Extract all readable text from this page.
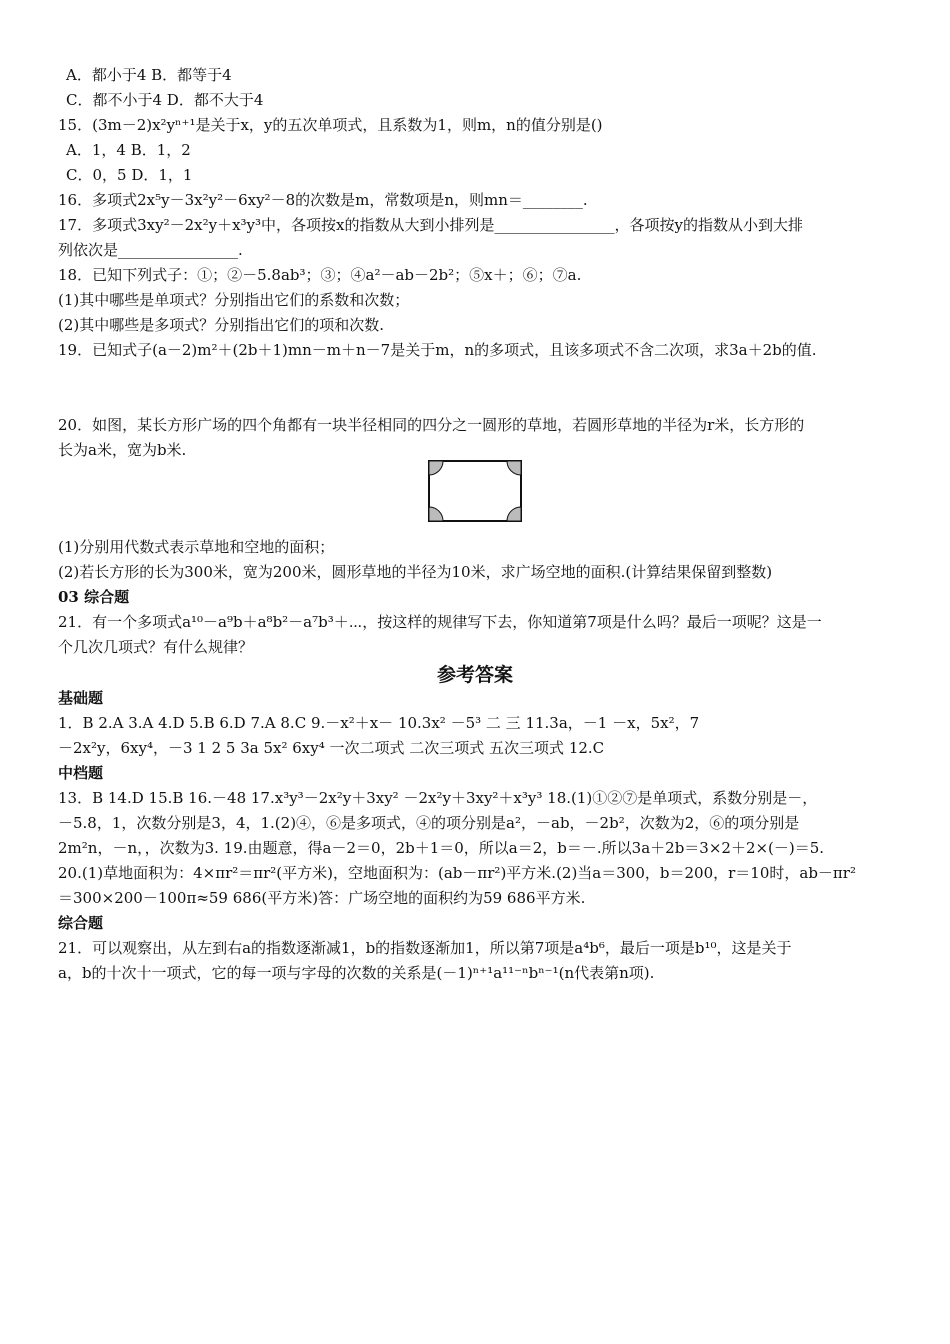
A．都小于4 B．都等于4
C．都不小于4 D．都不大于4
15．(3m－2)x²yⁿ⁺¹是关于x，y的五次单项式，且系数为1，则m，n的值分别是()
A．1，4 B．1，2
C．0，5 D．1，1
16．多项式2x⁵y－3x²y²－6xy²－8的次数是m，常数项是n，则mn＝________.
17．多项式3xy²－2x²y＋x³y³中，各项按x的指数从大到小排列是________________，各项按y的指数从小到大排
列依次是________________.
18．已知下列式子：①；②－5.8ab³；③；④a²－ab－2b²；⑤x＋；⑥；⑦a.
(1)其中哪些是单项式？分别指出它们的系数和次数；
(2)其中哪些是多项式？分别指出它们的项和次数.
19．已知式子(a－2)m²＋(2b＋1)mn－m＋n－7是关于m，n的多项式，且该多项式不含二次项，求3a＋2b的值.
20．如图，某长方形广场的四个角都有一块半径相同的四分之一圆形的草地，若圆形草地的半径为r米，长方形的
长为a米，宽为b米.
(1)分别用代数式表示草地和空地的面积；
(2)若长方形的长为300米，宽为200米，圆形草地的半径为10米，求广场空地的面积.(计算结果保留到整数)
03 综合题
21．有一个多项式a¹⁰－a⁹b＋a⁸b²－a⁷b³＋⋯，按这样的规律写下去，你知道第7项是什么吗？最后一项呢？这是一
个几次几项式？有什么规律？
参考答案
基础题
1．B 2.A 3.A 4.D 5.B 6.D 7.A 8.C 9.－x²＋x－ 10.3x² －5³ 二 三 11.3a，－1 －x，5x²，7
－2x²y，6xy⁴，－3 1 2 5 3a 5x² 6xy⁴ 一次二项式 二次三项式 五次三项式 12.C
中档题
13．B 14.D 15.B 16.－48 17.x³y³－2x²y＋3xy² －2x²y＋3xy²＋x³y³ 18.(1)①②⑦是单项式，系数分别是－，
－5.8，1，次数分别是3，4，1.(2)④，⑥是多项式，④的项分别是a²，－ab，－2b²，次数为2，⑥的项分别是
2m²n，－n，，次数为3. 19.由题意，得a－2＝0，2b＋1＝0，所以a＝2，b＝－.所以3a＋2b＝3×2＋2×(－)＝5.
20.(1)草地面积为：4×πr²＝πr²(平方米)，空地面积为：(ab－πr²)平方米.(2)当a＝300，b＝200，r＝10时，ab－πr²
＝300×200－100π≈59 686(平方米)答：广场空地的面积约为59 686平方米.
综合题
21．可以观察出，从左到右a的指数逐渐减1，b的指数逐渐加1，所以第7项是a⁴b⁶，最后一项是b¹⁰，这是关于
a，b的十次十一项式，它的每一项与字母的次数的关系是(－1)ⁿ⁺¹a¹¹⁻ⁿbⁿ⁻¹(n代表第n项).
